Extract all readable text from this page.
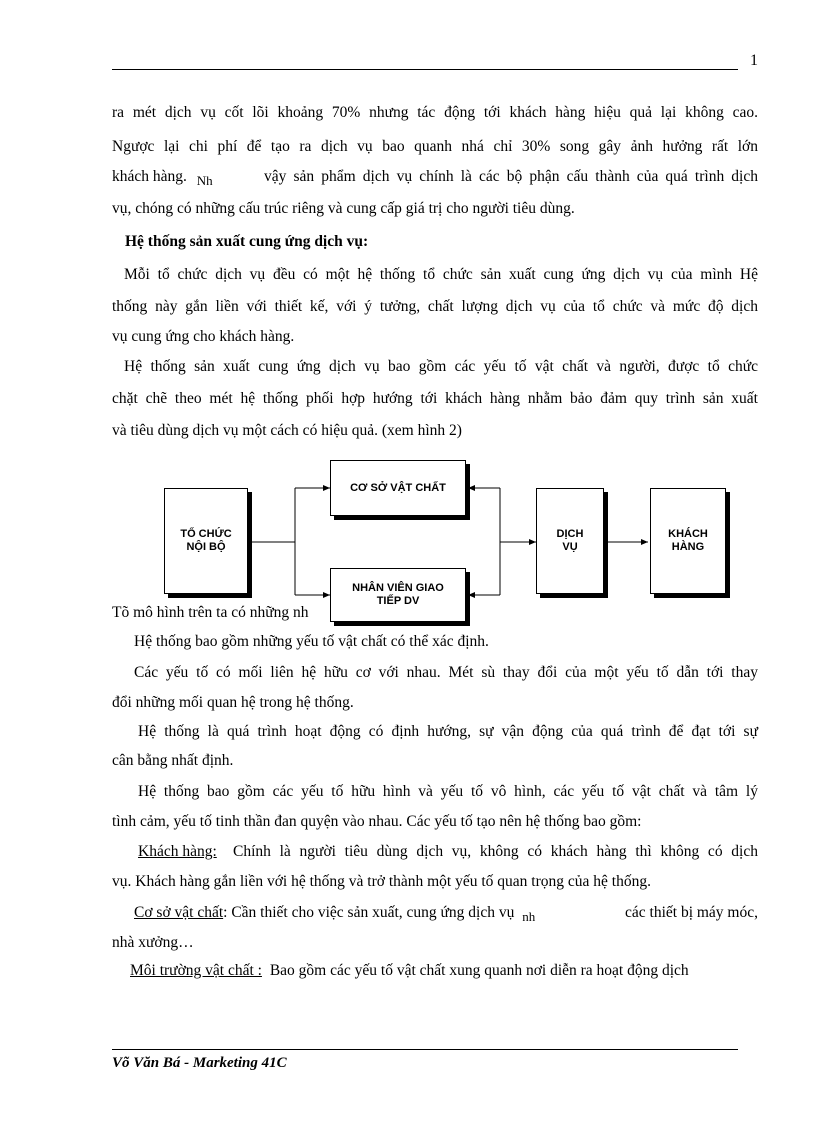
1
ra mét dịch vụ cốt lõi khoảng 70% nhưng tác động tới khách hàng hiệu quả lại không cao.
Ngược lại chi phí để tạo ra dịch vụ bao quanh nhá chỉ 30% song gây ảnh hưởng rất lớn
khách hàng. $_{Nh}$	vậy sản phẩm dịch vụ chính là các bộ phận cấu thành của quá trình dịch
vụ, chóng có những cấu trúc riêng và cung cấp giá trị cho người tiêu dùng.
Hệ thống sản xuất cung ứng dịch vụ:
Mỗi tổ chức dịch vụ đều có một hệ thống tổ chức sản xuất cung ứng dịch vụ của mình Hệ
thống này gắn liền với thiết kế, với ý tưởng, chất lượng dịch vụ của tổ chức và mức độ dịch
vụ cung ứng cho khách hàng.
Hệ thống sản xuất cung ứng dịch vụ bao gồm các yếu tố vật chất và người, được tổ chức
chặt chẽ theo mét hệ thống phối hợp hướng tới khách hàng nhằm bảo đảm quy trình sản xuất
và tiêu dùng dịch vụ một cách có hiệu quả. (xem hình 2)
TỔ CHỨC NỘI BỘ
CƠ SỞ VẬT CHẤT
NHÂN VIÊN GIAO TIẾP DV
DỊCH VỤ
KHÁCH HÀNG
Tõ mô hình trên ta có những nh
Hệ thống bao gồm những yếu tố vật chất có thể xác định.
Các yếu tố có mối liên hệ hữu cơ với nhau. Mét sù thay đổi của một yếu tố dẫn tới thay
đổi những mối quan hệ trong hệ thống.
Hệ thống là quá trình hoạt động có định hướng, sự vận động của quá trình để đạt tới sự
cân bằng nhất định.
Hệ thống bao gồm các yếu tố hữu hình và yếu tố vô hình, các yếu tố vật chất và tâm lý
tình cảm, yếu tố tinh thần đan quyện vào nhau. Các yếu tố tạo nên hệ thống bao gồm:
Khách hàng: Chính là người tiêu dùng dịch vụ, không có khách hàng thì không có dịch
vụ. Khách hàng gắn liền với hệ thống và trở thành một yếu tố quan trọng của hệ thống.
Cơ sở vật chất: Cần thiết cho việc sản xuất, cung ứng dịch vụ $_{nh}$	các thiết bị máy móc,
nhà xưởng…
Môi trường vật chất : Bao gồm các yếu tố vật chất xung quanh nơi diễn ra hoạt động dịch
Võ Văn Bá - Marketing 41C
